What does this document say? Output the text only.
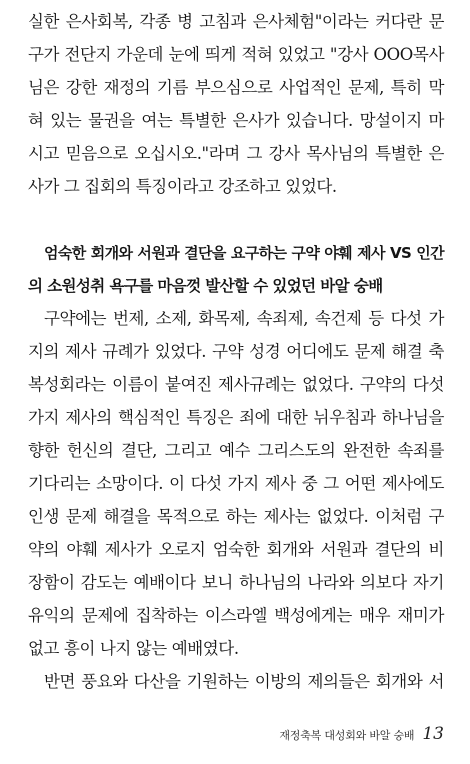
실한 은사회복, 각종 병 고침과 은사체험"이라는 커다란 문
구가 전단지 가운데 눈에 띄게 적혀 있었고 "강사 OOO목사
님은 강한 재정의 기름 부으심으로 사업적인 문제, 특히 막
혀 있는 물권을 여는 특별한 은사가 있습니다. 망설이지 마
시고 믿음으로 오십시오."라며 그 강사 목사님의 특별한 은
사가 그 집회의 특징이라고 강조하고 있었다.
엄숙한 회개와 서원과 결단을 요구하는 구약 야훼 제사 VS 인간
의 소원성취 욕구를 마음껏 발산할 수 있었던 바알 숭배
구약에는 번제, 소제, 화목제, 속죄제, 속건제 등 다섯 가
지의 제사 규례가 있었다. 구약 성경 어디에도 문제 해결 축
복성회라는 이름이 붙여진 제사규례는 없었다. 구약의 다섯
가지 제사의 핵심적인 특징은 죄에 대한 뉘우침과 하나님을
향한 헌신의 결단, 그리고 예수 그리스도의 완전한 속죄를
기다리는 소망이다. 이 다섯 가지 제사 중 그 어떤 제사에도
인생 문제 해결을 목적으로 하는 제사는 없었다. 이처럼 구
약의 야훼 제사가 오로지 엄숙한 회개와 서원과 결단의 비
장함이 감도는 예배이다 보니 하나님의 나라와 의보다 자기
유익의 문제에 집착하는 이스라엘 백성에게는 매우 재미가
없고 흥이 나지 않는 예배였다.
반면 풍요와 다산을 기원하는 이방의 제의들은 회개와 서
재정축복 대성회와 바알 숭배 13
